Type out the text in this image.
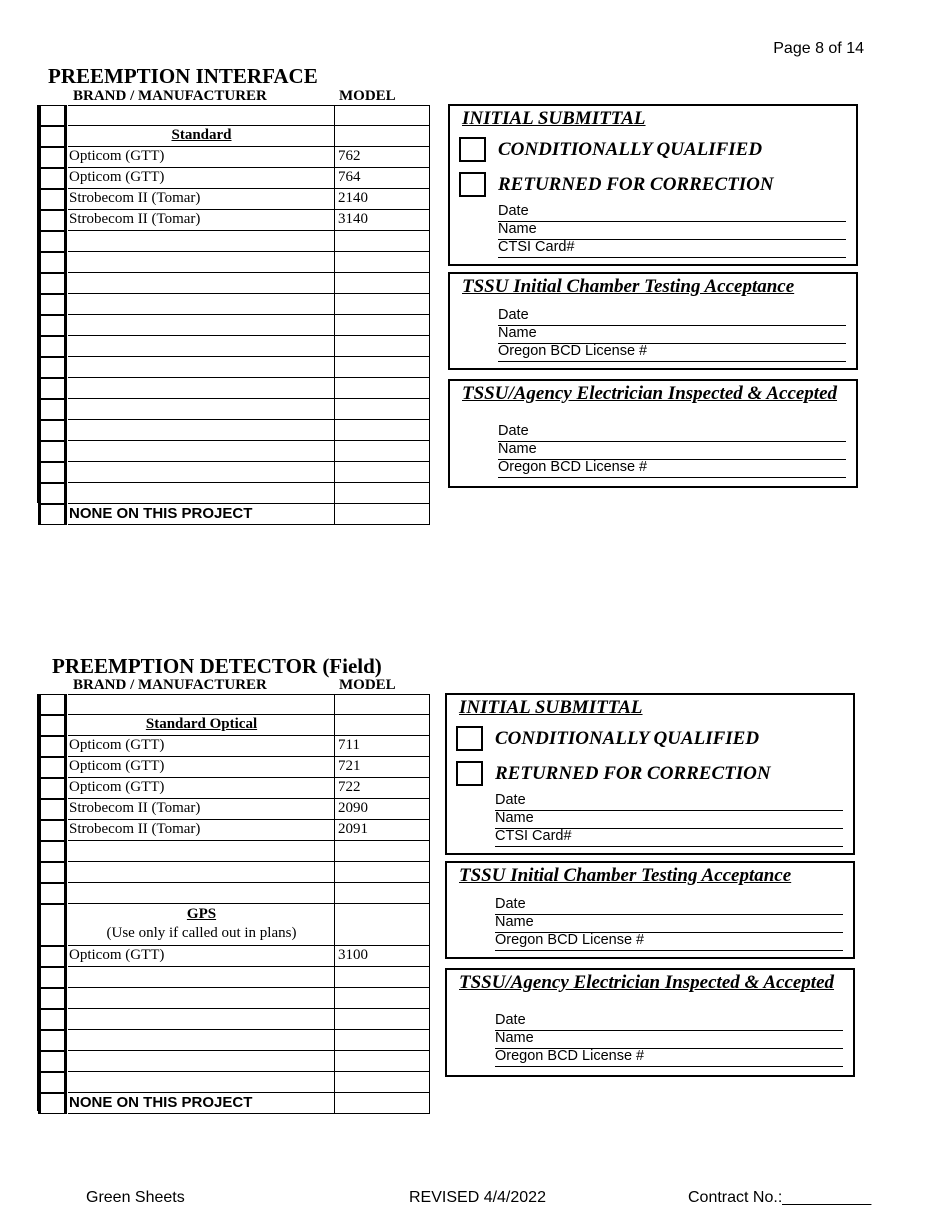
Page 8 of 14
PREEMPTION INTERFACE
BRAND / MANUFACTURER	MODEL
Standard
Opticom (GTT)	762
Opticom (GTT)	764
Strobecom II (Tomar)	2140
Strobecom II (Tomar)	3140
NONE ON THIS PROJECT
INITIAL SUBMITTAL
CONDITIONALLY QUALIFIED
RETURNED FOR CORRECTION
Date
Name
CTSI Card#
TSSU Initial Chamber Testing Acceptance
Date
Name
Oregon BCD License #
TSSU/Agency Electrician Inspected & Accepted
Date
Name
Oregon BCD License #
PREEMPTION DETECTOR (Field)
BRAND / MANUFACTURER	MODEL
Standard Optical
Opticom (GTT)	711
Opticom (GTT)	721
Opticom (GTT)	722
Strobecom II (Tomar)	2090
Strobecom II (Tomar)	2091
GPS
(Use only if called out in plans)
Opticom (GTT)	3100
NONE ON THIS PROJECT
INITIAL SUBMITTAL
CONDITIONALLY QUALIFIED
RETURNED FOR CORRECTION
Date
Name
CTSI Card#
TSSU Initial Chamber Testing Acceptance
Date
Name
Oregon BCD License #
TSSU/Agency Electrician Inspected & Accepted
Date
Name
Oregon BCD License #
Green Sheets	REVISED 4/4/2022	Contract No.:__________
